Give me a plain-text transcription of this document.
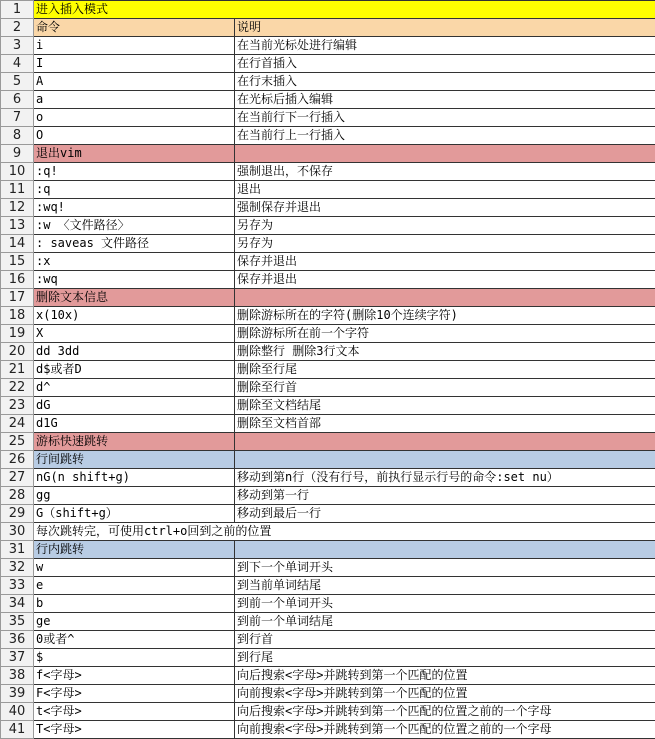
1	进入插入模式	
2	命令	说明
3	i	在当前光标处进行编辑
4	I	在行首插入
5	A	在行末插入
6	a	在光标后插入编辑
7	o	在当前行下一行插入
8	O	在当前行上一行插入
9	退出vim	
10	:q!	强制退出，不保存
11	:q	退出
12	:wq!	强制保存并退出
13	:w 〈文件路径〉	另存为
14	: saveas 文件路径	另存为
15	:x	保存并退出
16	:wq	保存并退出
17	删除文本信息	
18	x(10x)	删除游标所在的字符(删除10个连续字符)
19	X	删除游标所在前一个字符
20	dd 3dd	删除整行 删除3行文本
21	d$或者D	删除至行尾
22	d^	删除至行首
23	dG	删除至文档结尾
24	d1G	删除至文档首部
25	游标快速跳转	
26	行间跳转	
27	nG(n shift+g)	移动到第n行（没有行号，前执行显示行号的命令:set nu）
28	gg	移动到第一行
29	G（shift+g）	移动到最后一行
30	每次跳转完，可使用ctrl+o回到之前的位置	
31	行内跳转	
32	w	到下一个单词开头
33	e	到当前单词结尾
34	b	到前一个单词开头
35	ge	到前一个单词结尾
36	0或者^	到行首
37	$	到行尾
38	f<字母>	向后搜索<字母>并跳转到第一个匹配的位置
39	F<字母>	向前搜索<字母>并跳转到第一个匹配的位置
40	t<字母>	向后搜索<字母>并跳转到第一个匹配的位置之前的一个字母
41	T<字母>	向前搜索<字母>并跳转到第一个匹配的位置之前的一个字母
